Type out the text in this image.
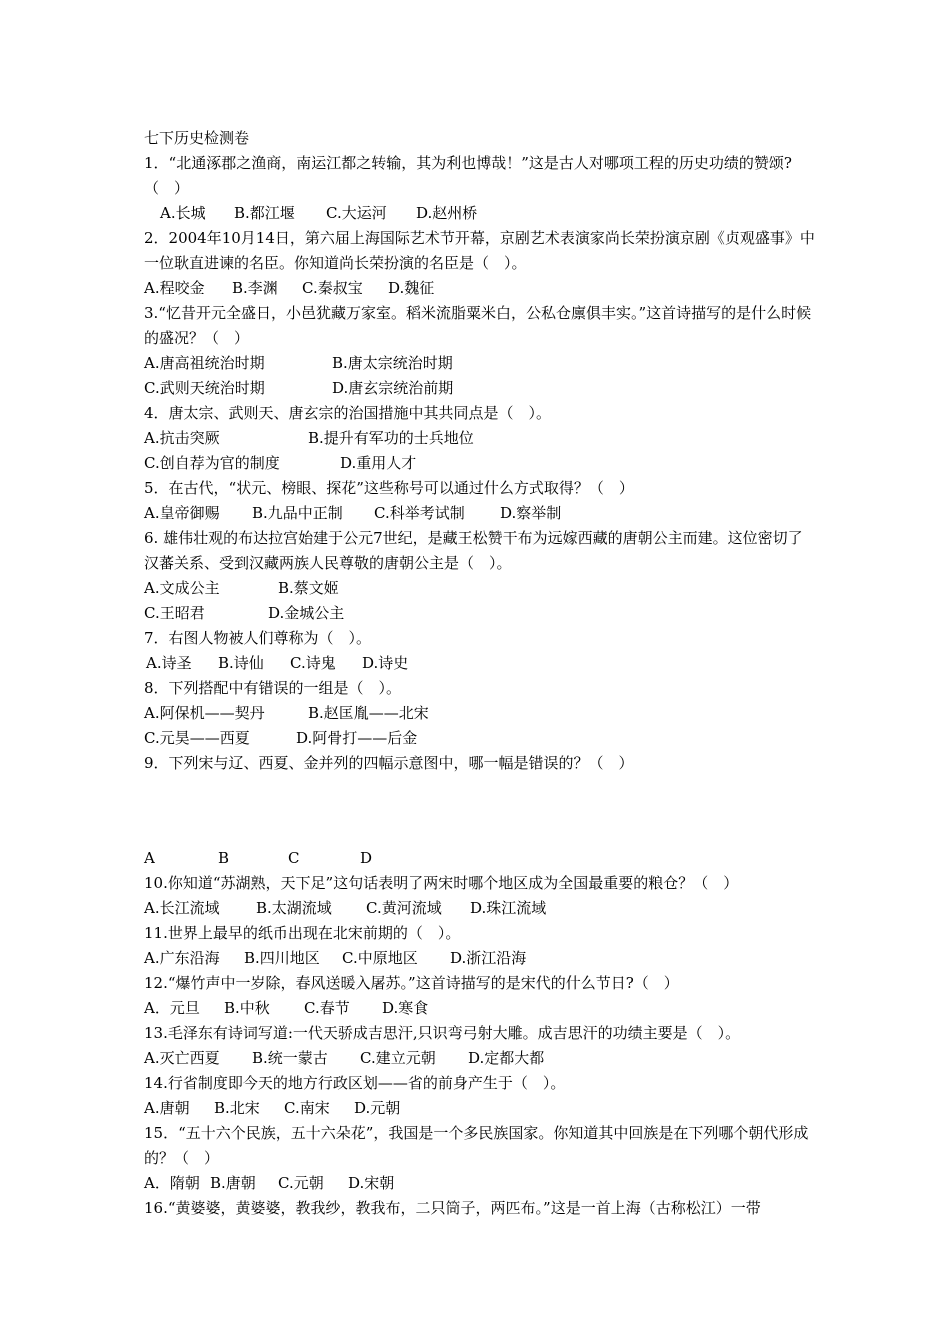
七下历史检测卷
1．“北通涿郡之渔商，南运江都之转输，其为利也博哉！”这是古人对哪项工程的历史功绩的赞颂?（　）
A.长城	B.都江堰	C.大运河	D.赵州桥
2．2004年10月14日，第六届上海国际艺术节开幕，京剧艺术表演家尚长荣扮演京剧《贞观盛事》中一位耿直进谏的名臣。你知道尚长荣扮演的名臣是（　）。
A.程咬金	B.李渊	C.秦叔宝	D.魏征
3.“忆昔开元全盛日，小邑犹藏万家室。稻米流脂粟米白，公私仓廪俱丰实。”这首诗描写的是什么时候的盛况？（　）
A.唐高祖统治时期	B.唐太宗统治时期
C.武则天统治时期	D.唐玄宗统治前期
4．唐太宗、武则天、唐玄宗的治国措施中其共同点是（　）。
A.抗击突厥	B.提升有军功的士兵地位
C.创自荐为官的制度	D.重用人才
5．在古代，“状元、榜眼、探花”这些称号可以通过什么方式取得？（　）
A.皇帝御赐	B.九品中正制	C.科举考试制	D.察举制
6. 雄伟壮观的布达拉宫始建于公元7世纪，是藏王松赞干布为远嫁西藏的唐朝公主而建。这位密切了汉蕃关系、受到汉藏两族人民尊敬的唐朝公主是（　）。
A.文成公主	B.蔡文姬
C.王昭君	D.金城公主
7．右图人物被人们尊称为（　）。
A.诗圣	B.诗仙	C.诗鬼	D.诗史
8．下列搭配中有错误的一组是（　）。
A.阿保机——契丹	B.赵匡胤——北宋
C.元昊——西夏	D.阿骨打——后金
9．下列宋与辽、西夏、金并列的四幅示意图中，哪一幅是错误的？（　）
A	B	C	D
10.你知道“苏湖熟，天下足”这句话表明了两宋时哪个地区成为全国最重要的粮仓？（　）
A.长江流域	B.太湖流域	C.黄河流域	D.珠江流域
11.世界上最早的纸币出现在北宋前期的（　）。
A.广东沿海	B.四川地区	C.中原地区	D.浙江沿海
12.“爆竹声中一岁除，春风送暖入屠苏。”这首诗描写的是宋代的什么节日?（　）
A．元旦	B.中秋	C.春节	D.寒食
13.毛泽东有诗词写道:一代天骄成吉思汗,只识弯弓射大雕。成吉思汗的功绩主要是（　）。
A.灭亡西夏	B.统一蒙古	C.建立元朝	D.定都大都
14.行省制度即今天的地方行政区划——省的前身产生于（　）。
A.唐朝	B.北宋	C.南宋	D.元朝
15．“五十六个民族，五十六朵花”，我国是一个多民族国家。你知道其中回族是在下列哪个朝代形成的？（　）
A．隋朝 B.唐朝	C.元朝	D.宋朝
16.“黄婆婆，黄婆婆，教我纱，教我布，二只筒子，两匹布。”这是一首上海（古称松江）一带
